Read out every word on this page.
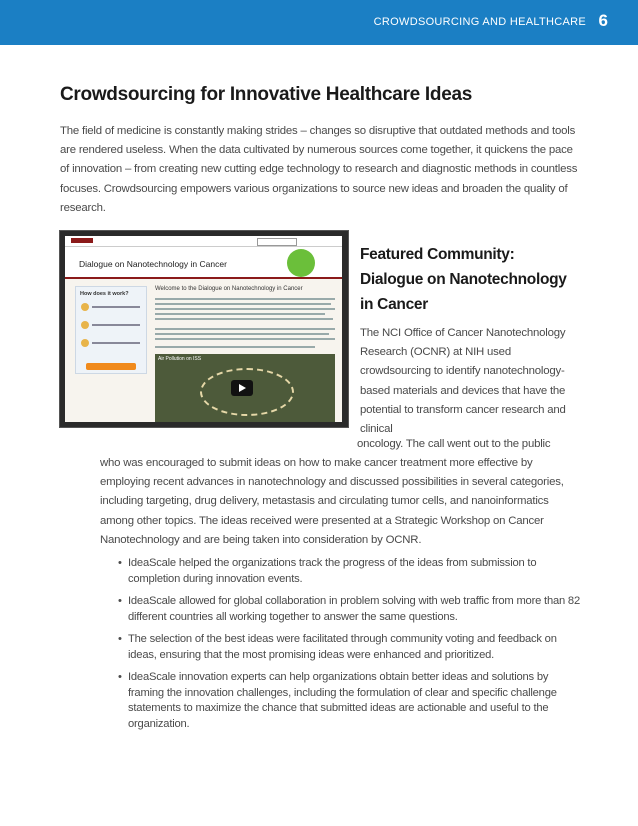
CROWDSOURCING AND HEALTHCARE 6
Crowdsourcing for Innovative Healthcare Ideas
The field of medicine is constantly making strides – changes so disruptive that outdated methods and tools are rendered useless. When the data cultivated by numerous sources come together, it quickens the pace of innovation – from creating new cutting edge technology to research and diagnostic methods in countless focuses. Crowdsourcing empowers various organizations to source new ideas and broaden the quality of research.
Dialogue on Nanotechnology in Cancer
How does it work?
Welcome to the Dialogue on Nanotechnology in Cancer
Air Pollution on ISS
Featured Community: Dialogue on Nanotechnology in Cancer
The NCI Office of Cancer Nanotechnology Research (OCNR) at NIH used crowdsourcing to identify nanotechnology-based materials and devices that have the potential to transform cancer research and clinical
oncology. The call went out to the public
who was encouraged to submit ideas on how to make cancer treatment more effective by employing recent advances in nanotechnology and discussed possibilities in several categories, including targeting, drug delivery, metastasis and circulating tumor cells, and nanoinformatics among other topics. The ideas received were presented at a Strategic Workshop on Cancer Nanotechnology and are being taken into consideration by OCNR.
• IdeaScale helped the organizations track the progress of the ideas from submission to completion during innovation events.
• IdeaScale allowed for global collaboration in problem solving with web traffic from more than 82 different countries all working together to answer the same questions.
• The selection of the best ideas were facilitated through community voting and feedback on ideas, ensuring that the most promising ideas were enhanced and prioritized.
• IdeaScale innovation experts can help organizations obtain better ideas and solutions by framing the innovation challenges, including the formulation of clear and specific challenge statements to maximize the chance that submitted ideas are actionable and useful to the organization.
